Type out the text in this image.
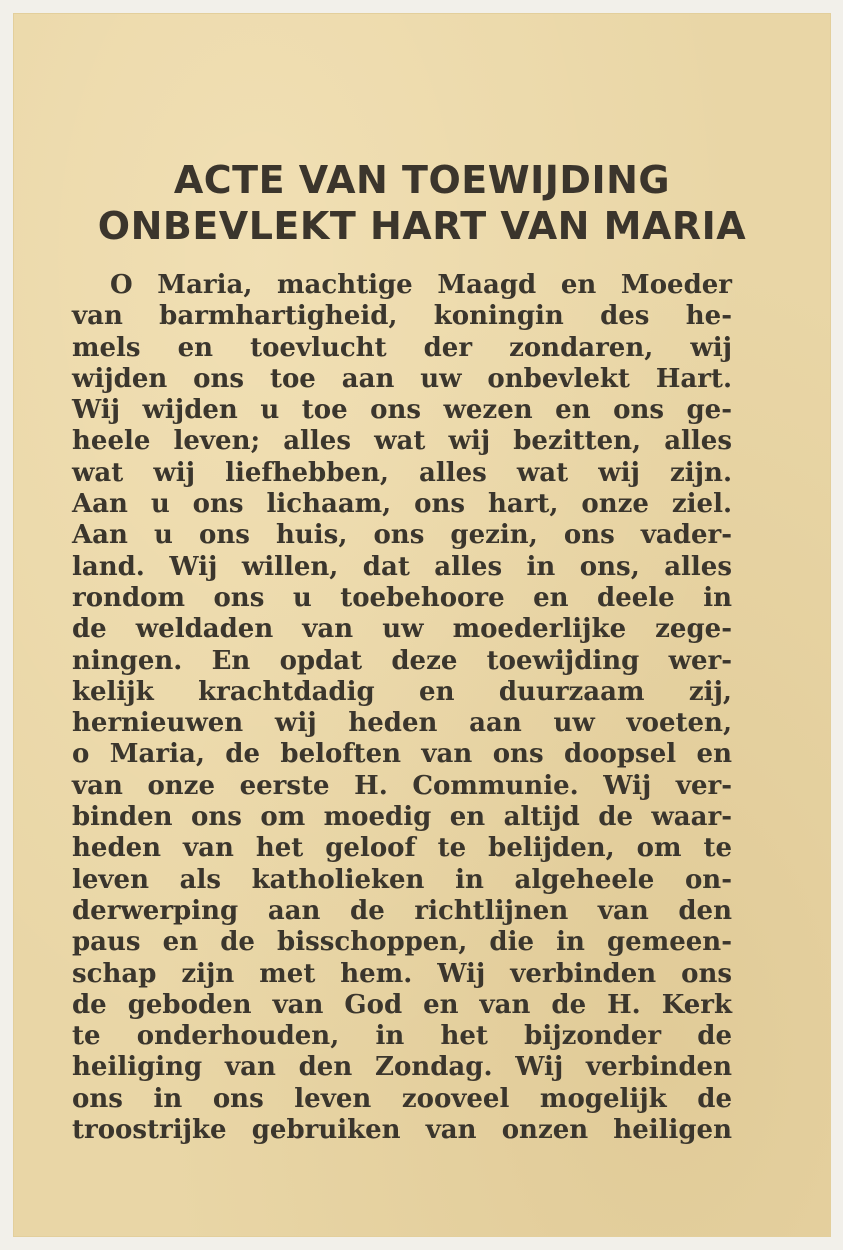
ACTE VAN TOEWIJDING
ONBEVLEKT HART VAN MARIA
O Maria, machtige Maagd en Moeder
van barmhartigheid, koningin des he-
mels en toevlucht der zondaren, wij
wijden ons toe aan uw onbevlekt Hart.
Wij wijden u toe ons wezen en ons ge-
heele leven; alles wat wij bezitten, alles
wat wij liefhebben, alles wat wij zijn.
Aan u ons lichaam, ons hart, onze ziel.
Aan u ons huis, ons gezin, ons vader-
land. Wij willen, dat alles in ons, alles
rondom ons u toebehoore en deele in
de weldaden van uw moederlijke zege-
ningen. En opdat deze toewijding wer-
kelijk krachtdadig en duurzaam zij,
hernieuwen wij heden aan uw voeten,
o Maria, de beloften van ons doopsel en
van onze eerste H. Communie. Wij ver-
binden ons om moedig en altijd de waar-
heden van het geloof te belijden, om te
leven als katholieken in algeheele on-
derwerping aan de richtlijnen van den
paus en de bisschoppen, die in gemeen-
schap zijn met hem. Wij verbinden ons
de geboden van God en van de H. Kerk
te onderhouden, in het bijzonder de
heiliging van den Zondag. Wij verbinden
ons in ons leven zooveel mogelijk de
troostrijke gebruiken van onzen heiligen
